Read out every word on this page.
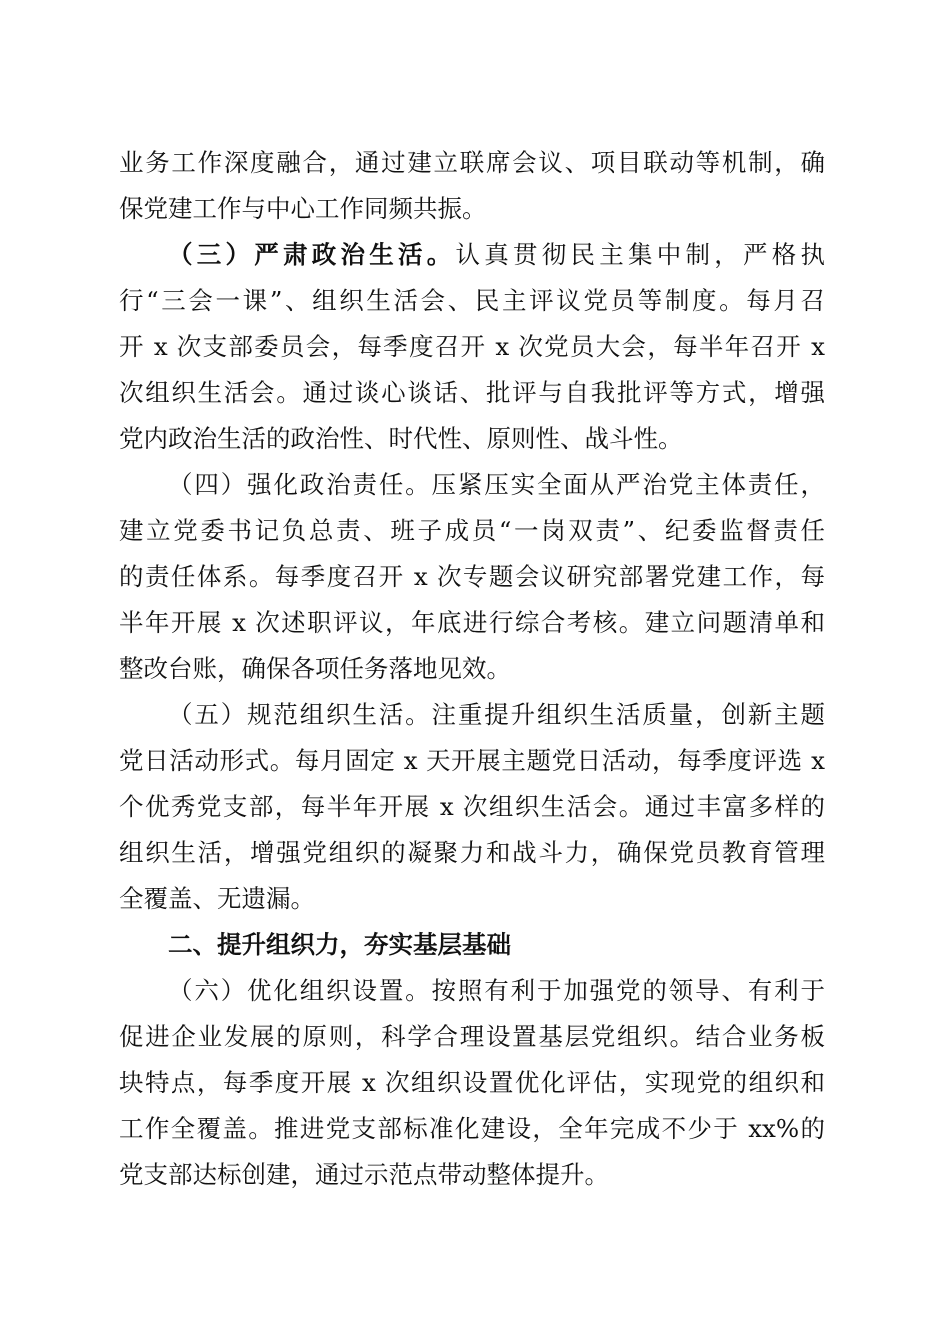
业务工作深度融合，通过建立联席会议、项目联动等机制，确
保党建工作与中心工作同频共振。
（三）严肃政治生活。认真贯彻民主集中制，严格执
行“三会一课”、组织生活会、民主评议党员等制度。每月召
开 x 次支部委员会，每季度召开 x 次党员大会，每半年召开 x
次组织生活会。通过谈心谈话、批评与自我批评等方式，增强
党内政治生活的政治性、时代性、原则性、战斗性。
（四）强化政治责任。压紧压实全面从严治党主体责任，
建立党委书记负总责、班子成员“一岗双责”、纪委监督责任
的责任体系。每季度召开 x 次专题会议研究部署党建工作，每
半年开展 x 次述职评议，年底进行综合考核。建立问题清单和
整改台账，确保各项任务落地见效。
（五）规范组织生活。注重提升组织生活质量，创新主题
党日活动形式。每月固定 x 天开展主题党日活动，每季度评选 x
个优秀党支部，每半年开展 x 次组织生活会。通过丰富多样的
组织生活，增强党组织的凝聚力和战斗力，确保党员教育管理
全覆盖、无遗漏。
二、提升组织力，夯实基层基础
（六）优化组织设置。按照有利于加强党的领导、有利于
促进企业发展的原则，科学合理设置基层党组织。结合业务板
块特点，每季度开展 x 次组织设置优化评估，实现党的组织和
工作全覆盖。推进党支部标准化建设，全年完成不少于 xx%的
党支部达标创建，通过示范点带动整体提升。
